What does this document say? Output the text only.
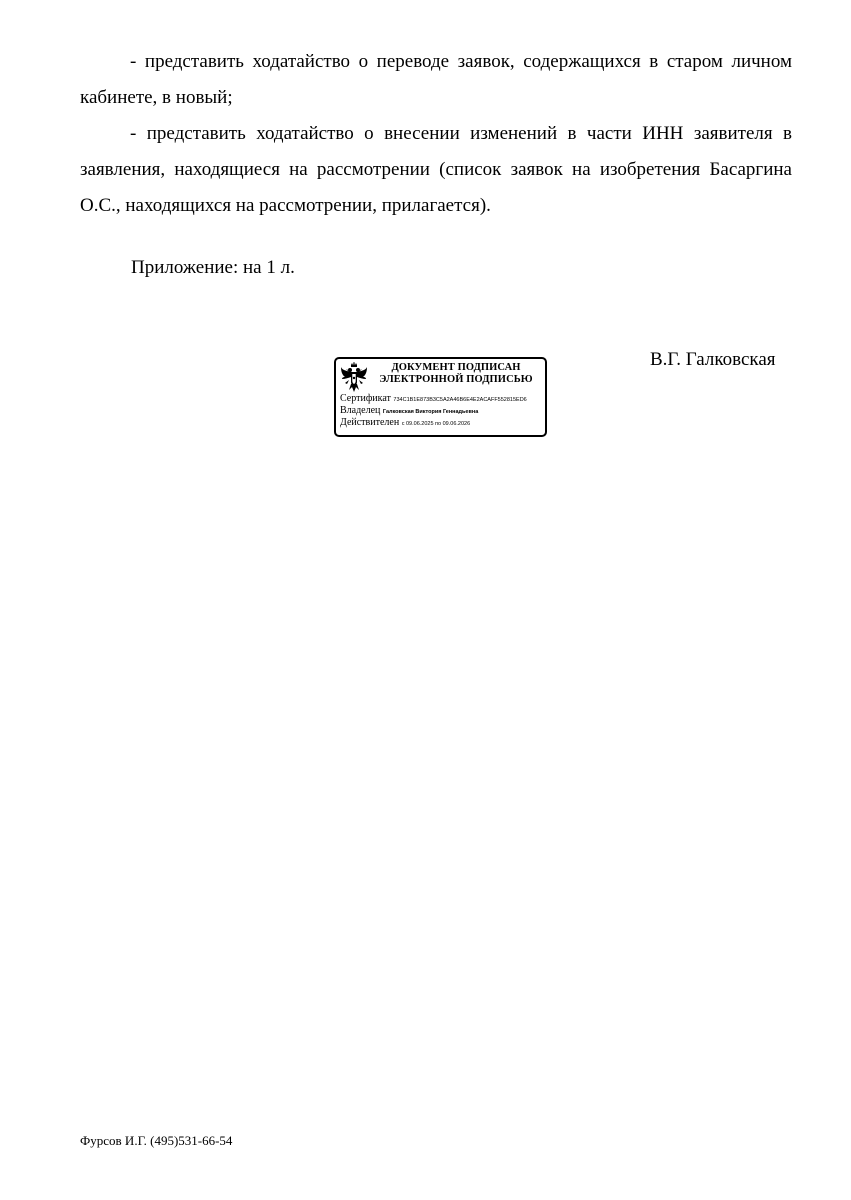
- представить ходатайство о переводе заявок, содержащихся в старом личном кабинете, в новый;

- представить ходатайство о внесении изменений в части ИНН заявителя в заявления, находящиеся на рассмотрении (список заявок на изобретения Басаргина О.С., находящихся на рассмотрении, прилагается).

Приложение: на 1 л.
ДОКУМЕНТ ПОДПИСАН
ЭЛЕКТРОННОЙ ПОДПИСЬЮ
Сертификат 734C1B1E873B3C5A2A46B6E4E2ACAFF552815ED6
Владелец Галковская Виктория Геннадьевна
Действителен с 09.06.2025 по 09.06.2026
В.Г. Галковская
Фурсов И.Г. (495)531-66-54
